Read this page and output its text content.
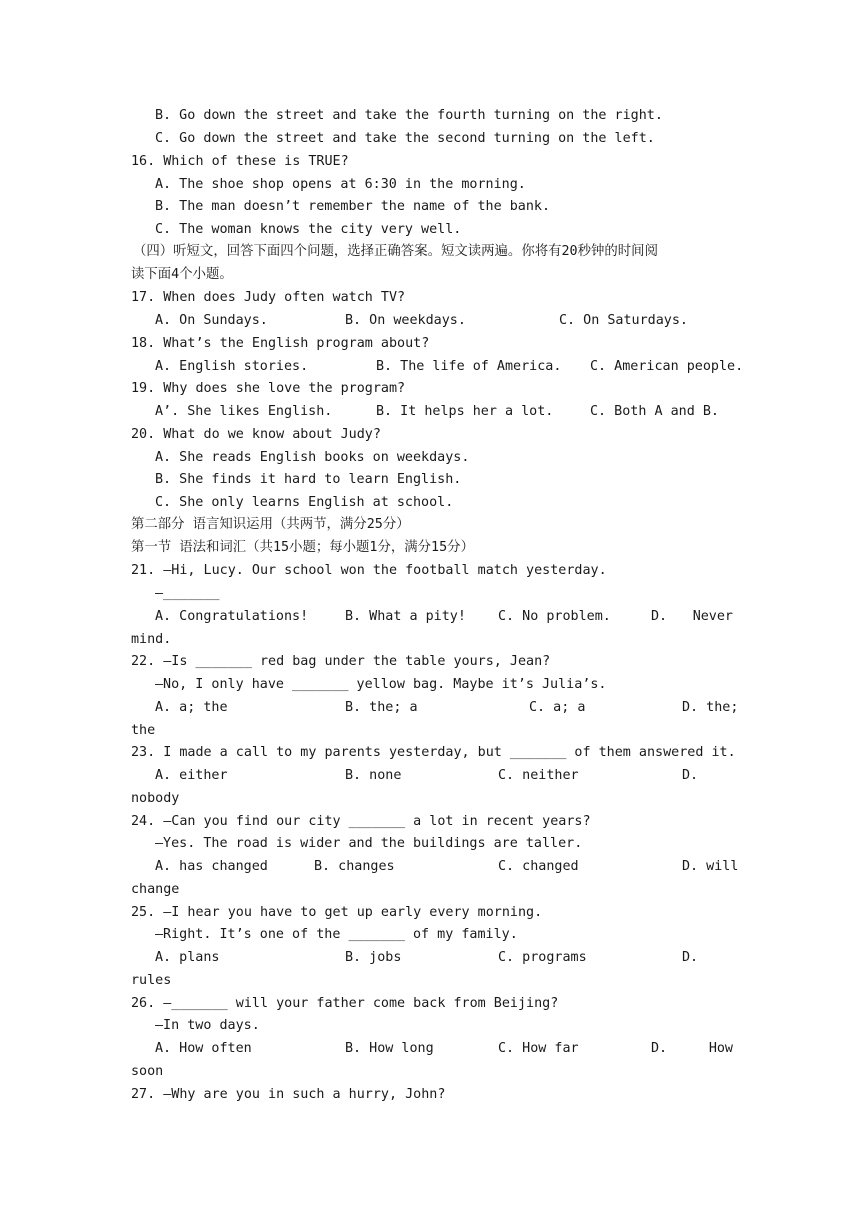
B. Go down the street and take the fourth turning on the right.
C. Go down the street and take the second turning on the left.
16. Which of these is TRUE?
A. The shoe shop opens at 6:30 in the morning.
B. The man doesn’t remember the name of the bank.
C. The woman knows the city very well.
（四）听短文，回答下面四个问题，选择正确答案。短文读两遍。你将有20秒钟的时间阅
读下面4个小题。
17. When does Judy often watch TV?
A. On Sundays.	B. On weekdays.	C. On Saturdays.
18. What’s the English program about?
A. English stories.	B. The life of America. C. American people.
19. Why does she love the program?
A’. She likes English.	B. It helps her a lot.	C. Both A and B.
20. What do we know about Judy?
A. She reads English books on weekdays.
B. She finds it hard to learn English.
C. She only learns English at school.
第二部分 语言知识运用（共两节，满分25分）
第一节 语法和词汇（共15小题；每小题1分，满分15分）
21. —Hi, Lucy. Our school won the football match yesterday.
—_______
A. Congratulations!	B. What a pity! C. No problem.	D. Never
mind.
22. —Is _______ red bag under the table yours, Jean?
—No, I only have _______ yellow bag. Maybe it’s Julia’s.
A. a; the	B. the; a	C. a; a	D. the;
the
23. I made a call to my parents yesterday, but _______ of them answered it.
A. either	B. none	C. neither	D.
nobody
24. —Can you find our city _______ a lot in recent years?
—Yes. The road is wider and the buildings are taller.
A. has changed	B. changes	C. changed	D. will
change
25. —I hear you have to get up early every morning.
—Right. It’s one of the _______ of my family.
A. plans	B. jobs	C. programs	D.
rules
26. —_______ will your father come back from Beijing?
—In two days.
A. How often	B. How long	C. How far	D.	How
soon
27. —Why are you in such a hurry, John?
